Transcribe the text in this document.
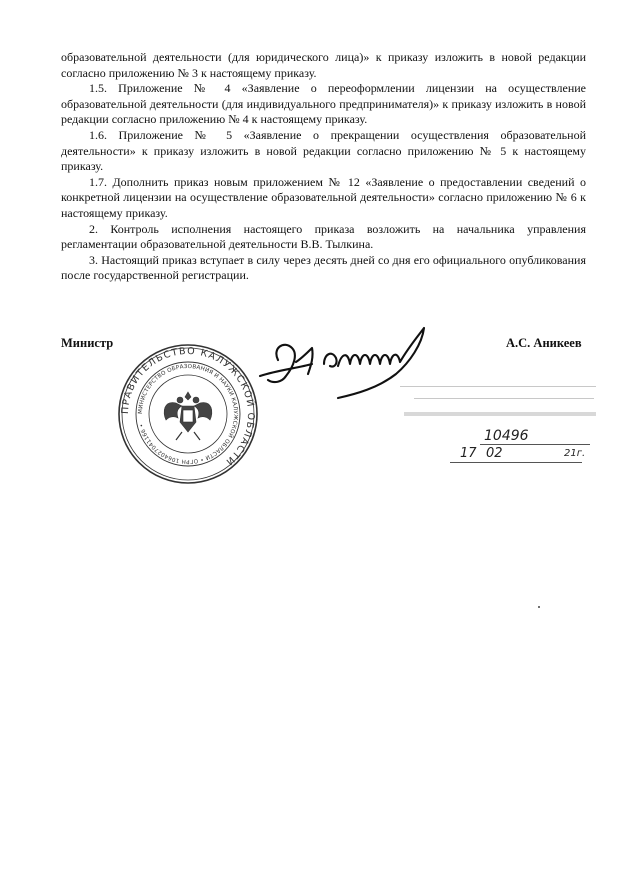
образовательной деятельности (для юридического лица)» к приказу изложить в новой редакции согласно приложению № 3 к настоящему приказу.

1.5. Приложение № 4 «Заявление о переоформлении лицензии на осуществление образовательной деятельности (для индивидуального предпринимателя)» к приказу изложить в новой редакции согласно приложению № 4 к настоящему приказу.

1.6. Приложение № 5 «Заявление о прекращении осуществления образовательной деятельности» к приказу изложить в новой редакции согласно приложению № 5 к настоящему приказу.

1.7. Дополнить приказ новым приложением № 12 «Заявление о предоставлении сведений о конкретной лицензии на осуществление образовательной деятельности» согласно приложению № 6 к настоящему приказу.

2. Контроль исполнения настоящего приказа возложить на начальника управления регламентации образовательной деятельности В.В. Тылкина.

3. Настоящий приказ вступает в силу через десять дней со дня его официального опубликования после государственной регистрации.

Министр	А.С. Аникеев
10496
17 02	21г.
ПРАВИТЕЛЬСТВО КАЛУЖСКОЙ ОБЛАСТИ
МИНИСТЕРСТВО ОБРАЗОВАНИЯ И НАУКИ КАЛУЖСКОЙ ОБЛАСТИ • ОГРН 1064027041166 •
